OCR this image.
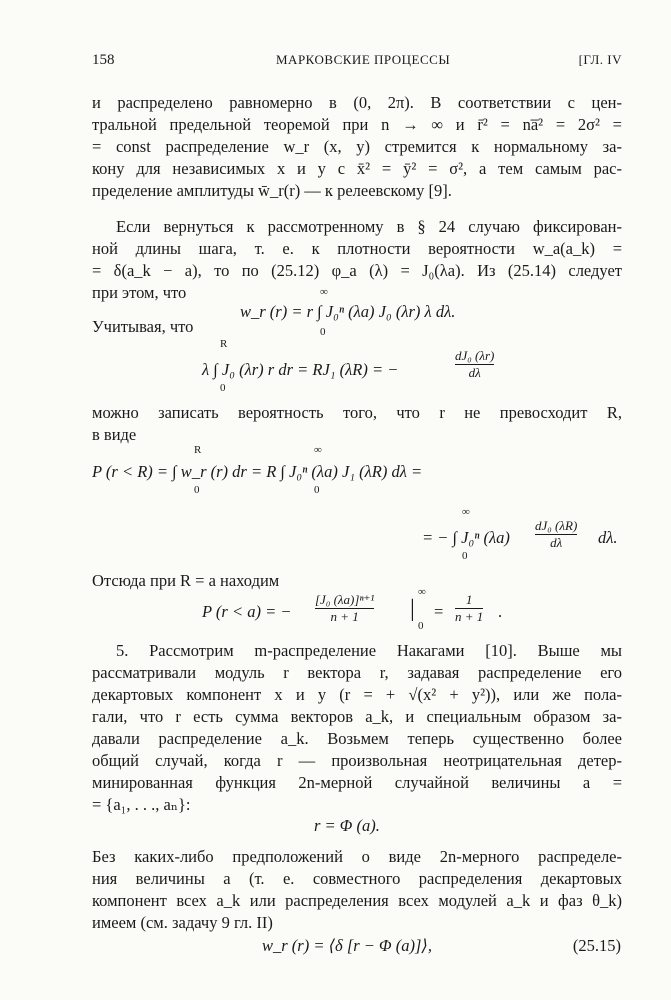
158	МАРКОВСКИЕ ПРОЦЕССЫ	[ГЛ. IV
и распределено равномерно в (0, 2π). В соответствии с цен-
тральной предельной теоремой при n → ∞ и r̄² = na̅² = 2σ² =
= const распределение w_r (x, y) стремится к нормальному за-
кону для независимых x и y с x̄² = ȳ² = σ², а тем самым рас-
пределение амплитуды w̄_r(r) — к релеевскому [9].
Если вернуться к рассмотренному в § 24 случаю фиксирован-
ной длины шага, т. е. к плотности вероятности w_a(a_k) =
= δ(a_k − a), то по (25.12) φ_a (λ) = J₀(λa). Из (25.14) следует
при этом, что	∞
w_r (r) = r ∫ J₀ⁿ (λa) J₀ (λr) λ dλ.
0
Учитывая, что
R
λ ∫ J₀ (λr) r dr = RJ₁ (λR) = −	$\frac{\text{dJ₀ (λr)}}{d\lambda}$
0
можно записать вероятность того, что r не превосходит R,
в виде
R	∞
P (r < R) = ∫ w_r (r) dr = R ∫ J₀ⁿ (λa) J₁ (λR) dλ =
0	0
∞
= − ∫ J₀ⁿ $(\lambda a) \frac{\text{dJ₀ (λR)}}{d\lambda} d\lambda$.
0
Отсюда при R = a находим
P (r < a) = − $\frac{\text{[J₀ (λa)]ⁿ⁺¹}}{n + 1}$ |
∞
0
= $\frac{1}{n + 1}$ .
5. Рассмотрим m-распределение Накагами [10]. Выше мы
рассматривали модуль r вектора r, задавая распределение его
декартовых компонент x и y (r = + √(x² + y²)), или же пола-
гали, что r есть сумма векторов a_k, и специальным образом за-
давали распределение a_k. Возьмем теперь существенно более
общий случай, когда r — произвольная неотрицательная детер-
минированная функция 2n-мерной случайной величины a =
= {a₁, . . ., aₙ}:
r = Φ (a).
Без каких-либо предположений о виде 2n-мерного распределе-
ния величины a (т. е. совместного распределения декартовых
компонент всех a_k или распределения всех модулей a_k и фаз θ_k)
имеем (см. задачу 9 гл. II)
w_r (r) = ⟨δ [r − Φ (a)]⟩,	(25.15)
